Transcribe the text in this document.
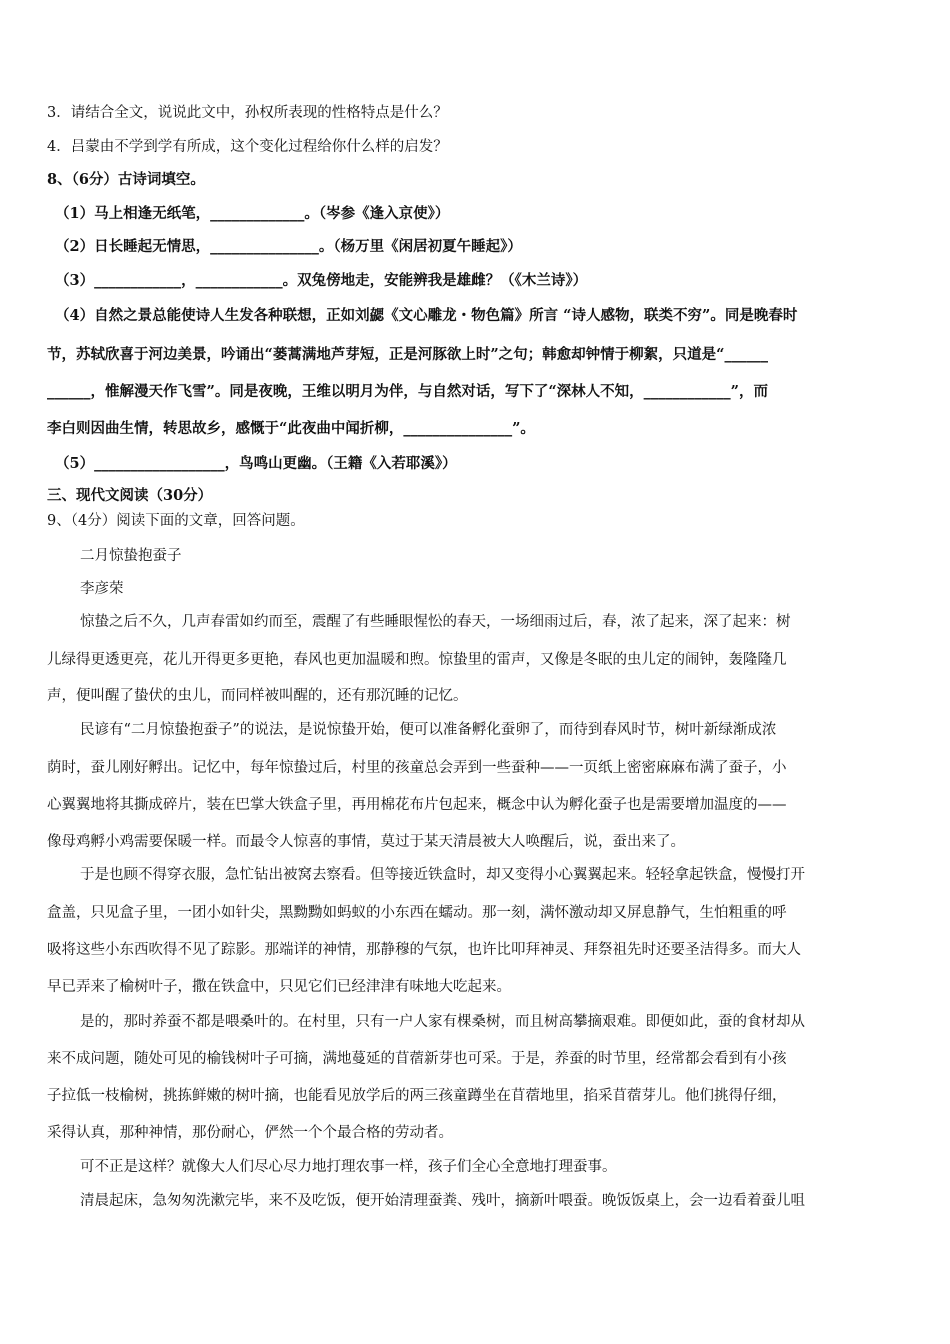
3．请结合全文，说说此文中，孙权所表现的性格特点是什么？
4．吕蒙由不学到学有所成，这个变化过程给你什么样的启发？
8、（6分）古诗词填空。
（1）马上相逢无纸笔，_____________。（岑参《逢入京使》）
（2）日长睡起无情思，_______________。（杨万里《闲居初夏午睡起》）
（3）____________，____________。双兔傍地走，安能辨我是雄雌？（《木兰诗》）
（4）自然之景总能使诗人生发各种联想，正如刘勰《文心雕龙・物色篇》所言 “诗人感物，联类不穷”。同是晚春时
节，苏轼欣喜于河边美景，吟诵出“蒌蒿满地芦芽短，正是河豚欲上时”之句；韩愈却钟情于柳絮，只道是“______
______，惟解漫天作飞雪”。同是夜晚，王维以明月为伴，与自然对话，写下了“深林人不知，____________”，而
李白则因曲生情，转思故乡，感慨于“此夜曲中闻折柳，_______________”。
（5）__________________，鸟鸣山更幽。（王籍《入若耶溪》）
三、现代文阅读（30分）
9、（4分）阅读下面的文章，回答问题。
二月惊蛰抱蚕子
李彦荣
惊蛰之后不久，几声春雷如约而至，震醒了有些睡眼惺忪的春天，一场细雨过后，春，浓了起来，深了起来：树
儿绿得更透更亮，花儿开得更多更艳，春风也更加温暖和煦。惊蛰里的雷声，又像是冬眠的虫儿定的闹钟，轰隆隆几
声，便叫醒了蛰伏的虫儿，而同样被叫醒的，还有那沉睡的记忆。
民谚有“二月惊蛰抱蚕子”的说法，是说惊蛰开始，便可以准备孵化蚕卵了，而待到春风时节，树叶新绿渐成浓
荫时，蚕儿刚好孵出。记忆中，每年惊蛰过后，村里的孩童总会弄到一些蚕种——一页纸上密密麻麻布满了蚕子，小
心翼翼地将其撕成碎片，装在巴掌大铁盒子里，再用棉花布片包起来，概念中认为孵化蚕子也是需要增加温度的——
像母鸡孵小鸡需要保暖一样。而最令人惊喜的事情，莫过于某天清晨被大人唤醒后，说，蚕出来了。
于是也顾不得穿衣服，急忙钻出被窝去察看。但等接近铁盒时，却又变得小心翼翼起来。轻轻拿起铁盒，慢慢打开
盒盖，只见盒子里，一团小如针尖，黑黝黝如蚂蚁的小东西在蠕动。那一刻，满怀激动却又屏息静气，生怕粗重的呼
吸将这些小东西吹得不见了踪影。那端详的神情，那静穆的气氛，也许比叩拜神灵、拜祭祖先时还要圣洁得多。而大人
早已弄来了榆树叶子，撒在铁盒中，只见它们已经津津有味地大吃起来。
是的，那时养蚕不都是喂桑叶的。在村里，只有一户人家有棵桑树，而且树高攀摘艰难。即便如此，蚕的食材却从
来不成问题，随处可见的榆钱树叶子可摘，满地蔓延的苜蓿新芽也可采。于是，养蚕的时节里，经常都会看到有小孩
子拉低一枝榆树，挑拣鲜嫩的树叶摘，也能看见放学后的两三孩童蹲坐在苜蓿地里，掐采苜蓿芽儿。他们挑得仔细，
采得认真，那种神情，那份耐心，俨然一个个最合格的劳动者。
可不正是这样？就像大人们尽心尽力地打理农事一样，孩子们全心全意地打理蚕事。
清晨起床，急匆匆洗漱完毕，来不及吃饭，便开始清理蚕粪、残叶，摘新叶喂蚕。晚饭饭桌上，会一边看着蚕儿咀
